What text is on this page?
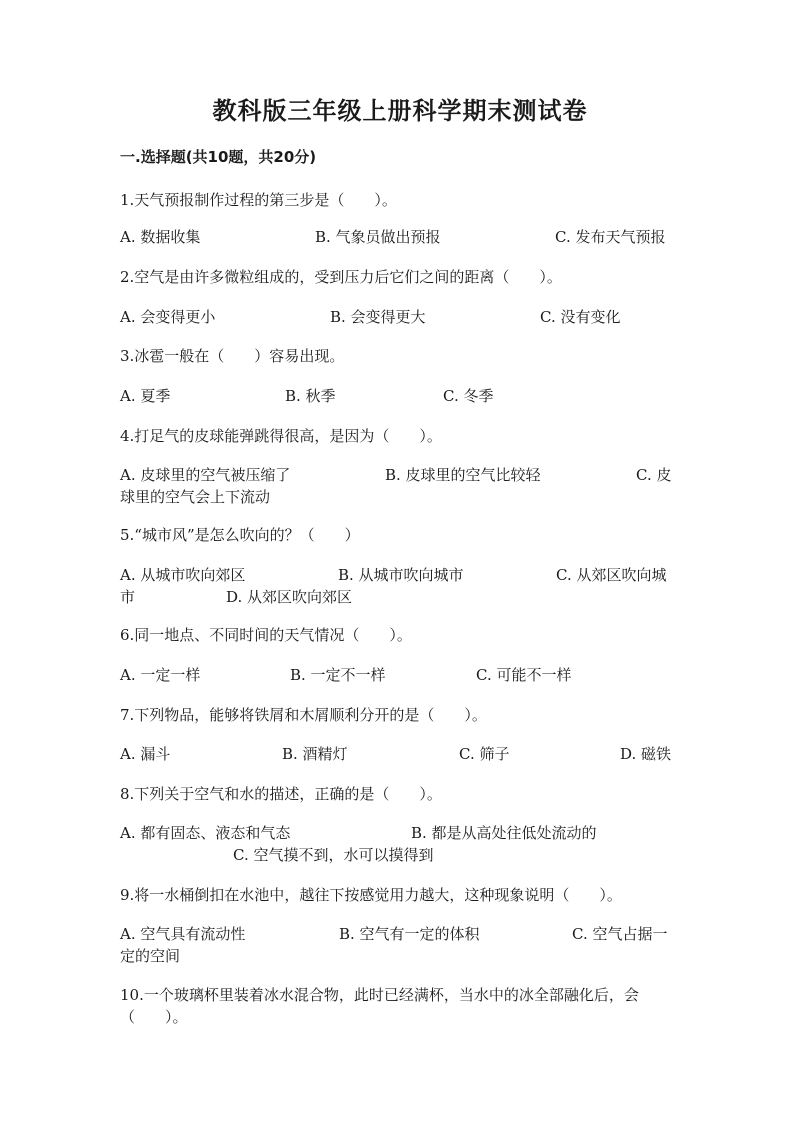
教科版三年级上册科学期末测试卷
一.选择题(共10题，共20分)
1.天气预报制作过程的第三步是（　　）。
A. 数据收集	B. 气象员做出预报	C. 发布天气预报
2.空气是由许多微粒组成的，受到压力后它们之间的距离（　　）。
A. 会变得更小	B. 会变得更大	C. 没有变化
3.冰雹一般在（　　）容易出现。
A. 夏季	B. 秋季	C. 冬季
4.打足气的皮球能弹跳得很高，是因为（　　）。
A. 皮球里的空气被压缩了	B. 皮球里的空气比较轻	C. 皮
球里的空气会上下流动
5.“城市风”是怎么吹向的？（　　）
A. 从城市吹向郊区	B. 从城市吹向城市	C. 从郊区吹向城
市	D. 从郊区吹向郊区
6.同一地点、不同时间的天气情况（　　）。
A. 一定一样	B. 一定不一样	C. 可能不一样
7.下列物品，能够将铁屑和木屑顺利分开的是（　　）。
A. 漏斗	B. 酒精灯	C. 筛子	D. 磁铁
8.下列关于空气和水的描述，正确的是（　　）。
A. 都有固态、液态和气态	B. 都是从高处往低处流动的
C. 空气摸不到，水可以摸得到
9.将一水桶倒扣在水池中，越往下按感觉用力越大，这种现象说明（　　）。
A. 空气具有流动性	B. 空气有一定的体积	C. 空气占据一
定的空间
10.一个玻璃杯里装着冰水混合物，此时已经满杯，当水中的冰全部融化后，会
（　　）。
